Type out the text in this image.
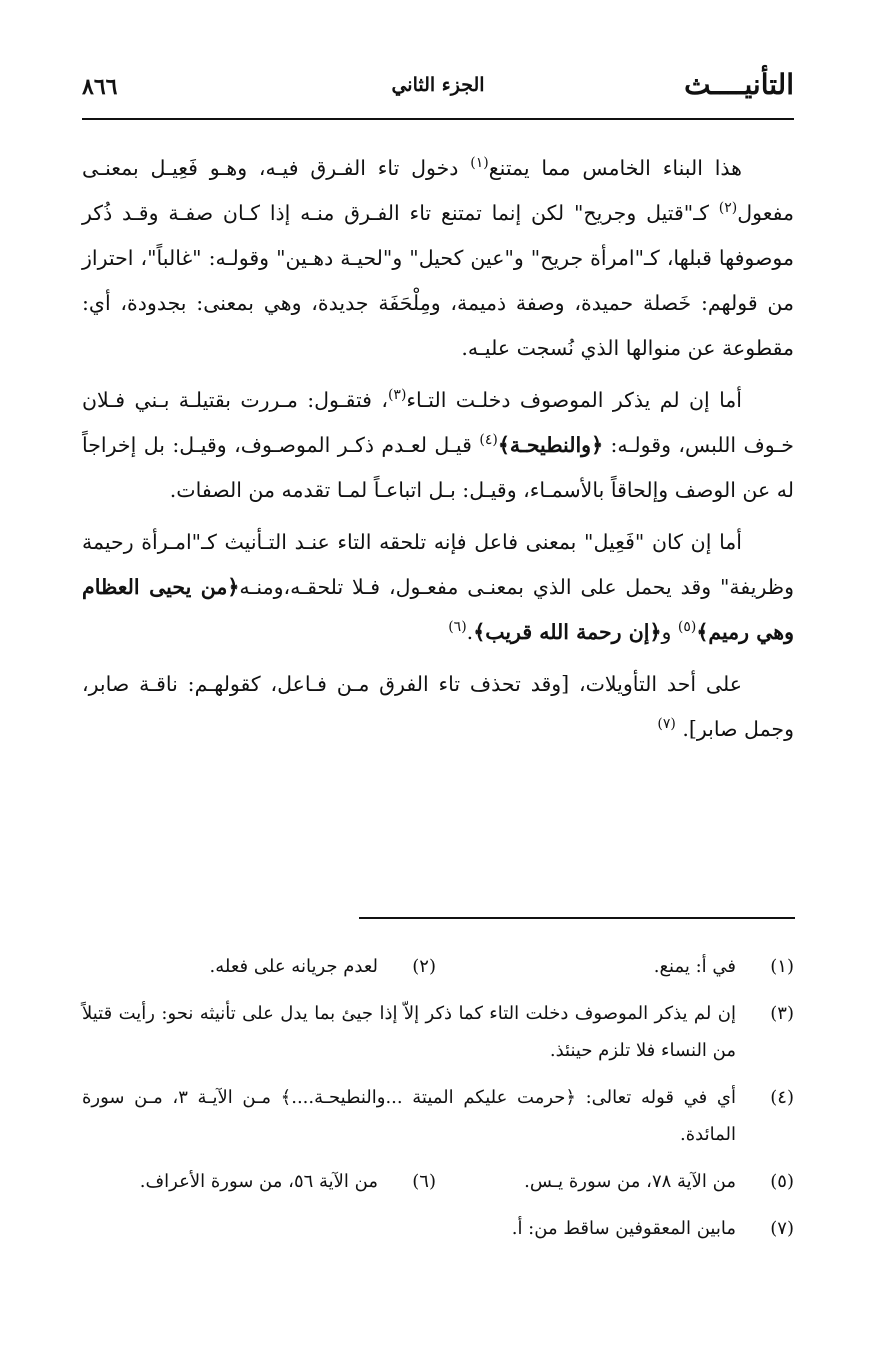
التأنيــــث
الجزء الثاني
٨٦٦

هذا البناء الخامس مما يمتنع$^{(١)}$ دخول تاء الفـرق فيـه، وهـو فَعِيـل بمعنـى مفعول$^{(٢)}$ كـ"قتيل وجريح" لكن إنما تمتنع تاء الفـرق منـه إذا كـان صفـة وقـد ذُكر موصوفها قبلها، كـ"امرأة جريح" و"عين كحيل" و"لحيـة دهـين" وقولـه: "غالباً"، احتراز من قولهم: خَصلة حميدة، وصفة ذميمة، ومِلْحَفَة جديدة، وهي بمعنى: بجدودة، أي: مقطوعة عن منوالها الذي نُسجت عليـه.

أما إن لم يذكر الموصوف دخلـت التـاء$^{(٣)}$، فتقـول: مـررت بقتيلـة بـني فـلان خـوف اللبس، وقولـه: ﴿والنطيحـة﴾$^{(٤)}$ قيـل لعـدم ذكـر الموصـوف، وقيـل: بل إخراجاً له عن الوصف وإلحاقاً بالأسمـاء، وقيـل: بـل اتباعـاً لمـا تقدمه من الصفات.

أما إن كان "فَعِيل" بمعنى فاعل فإنه تلحقه التاء عنـد التـأنيث كـ"امـرأة رحيمة وظريفة" وقد يحمل على الذي بمعنـى مفعـول، فـلا تلحقـه،ومنـه﴿من يحيى العظام وهي رميم﴾$^{(٥)}$ و﴿إن رحمة الله قريب﴾.$^{(٦)}$

على أحد التأويلات، [وقد تحذف تاء الفرق مـن فـاعل، كقولهـم: ناقـة صابر، وجمل صابر]. $^{(٧)}$

(١)
في أ: يمنع.
(٢)
لعدم جريانه على فعله.
(٣)
إن لم يذكر الموصوف دخلت التاء كما ذكر إلاّ إذا جيئ بما يدل على تأنيثه نحو: رأيت قتيلاً من النساء فلا تلزم حينئذ.
(٤)
أي في قوله تعالى: ﴿حرمت عليكم الميتة ...والنطيحـة....﴾ مـن الآيـة ٣، مـن سورة المائدة.
(٥)
من الآية ٧٨، من سورة يـس.
(٦)
من الآية ٥٦، من سورة الأعراف.
(٧)
مابين المعقوفين ساقط من: أ.
